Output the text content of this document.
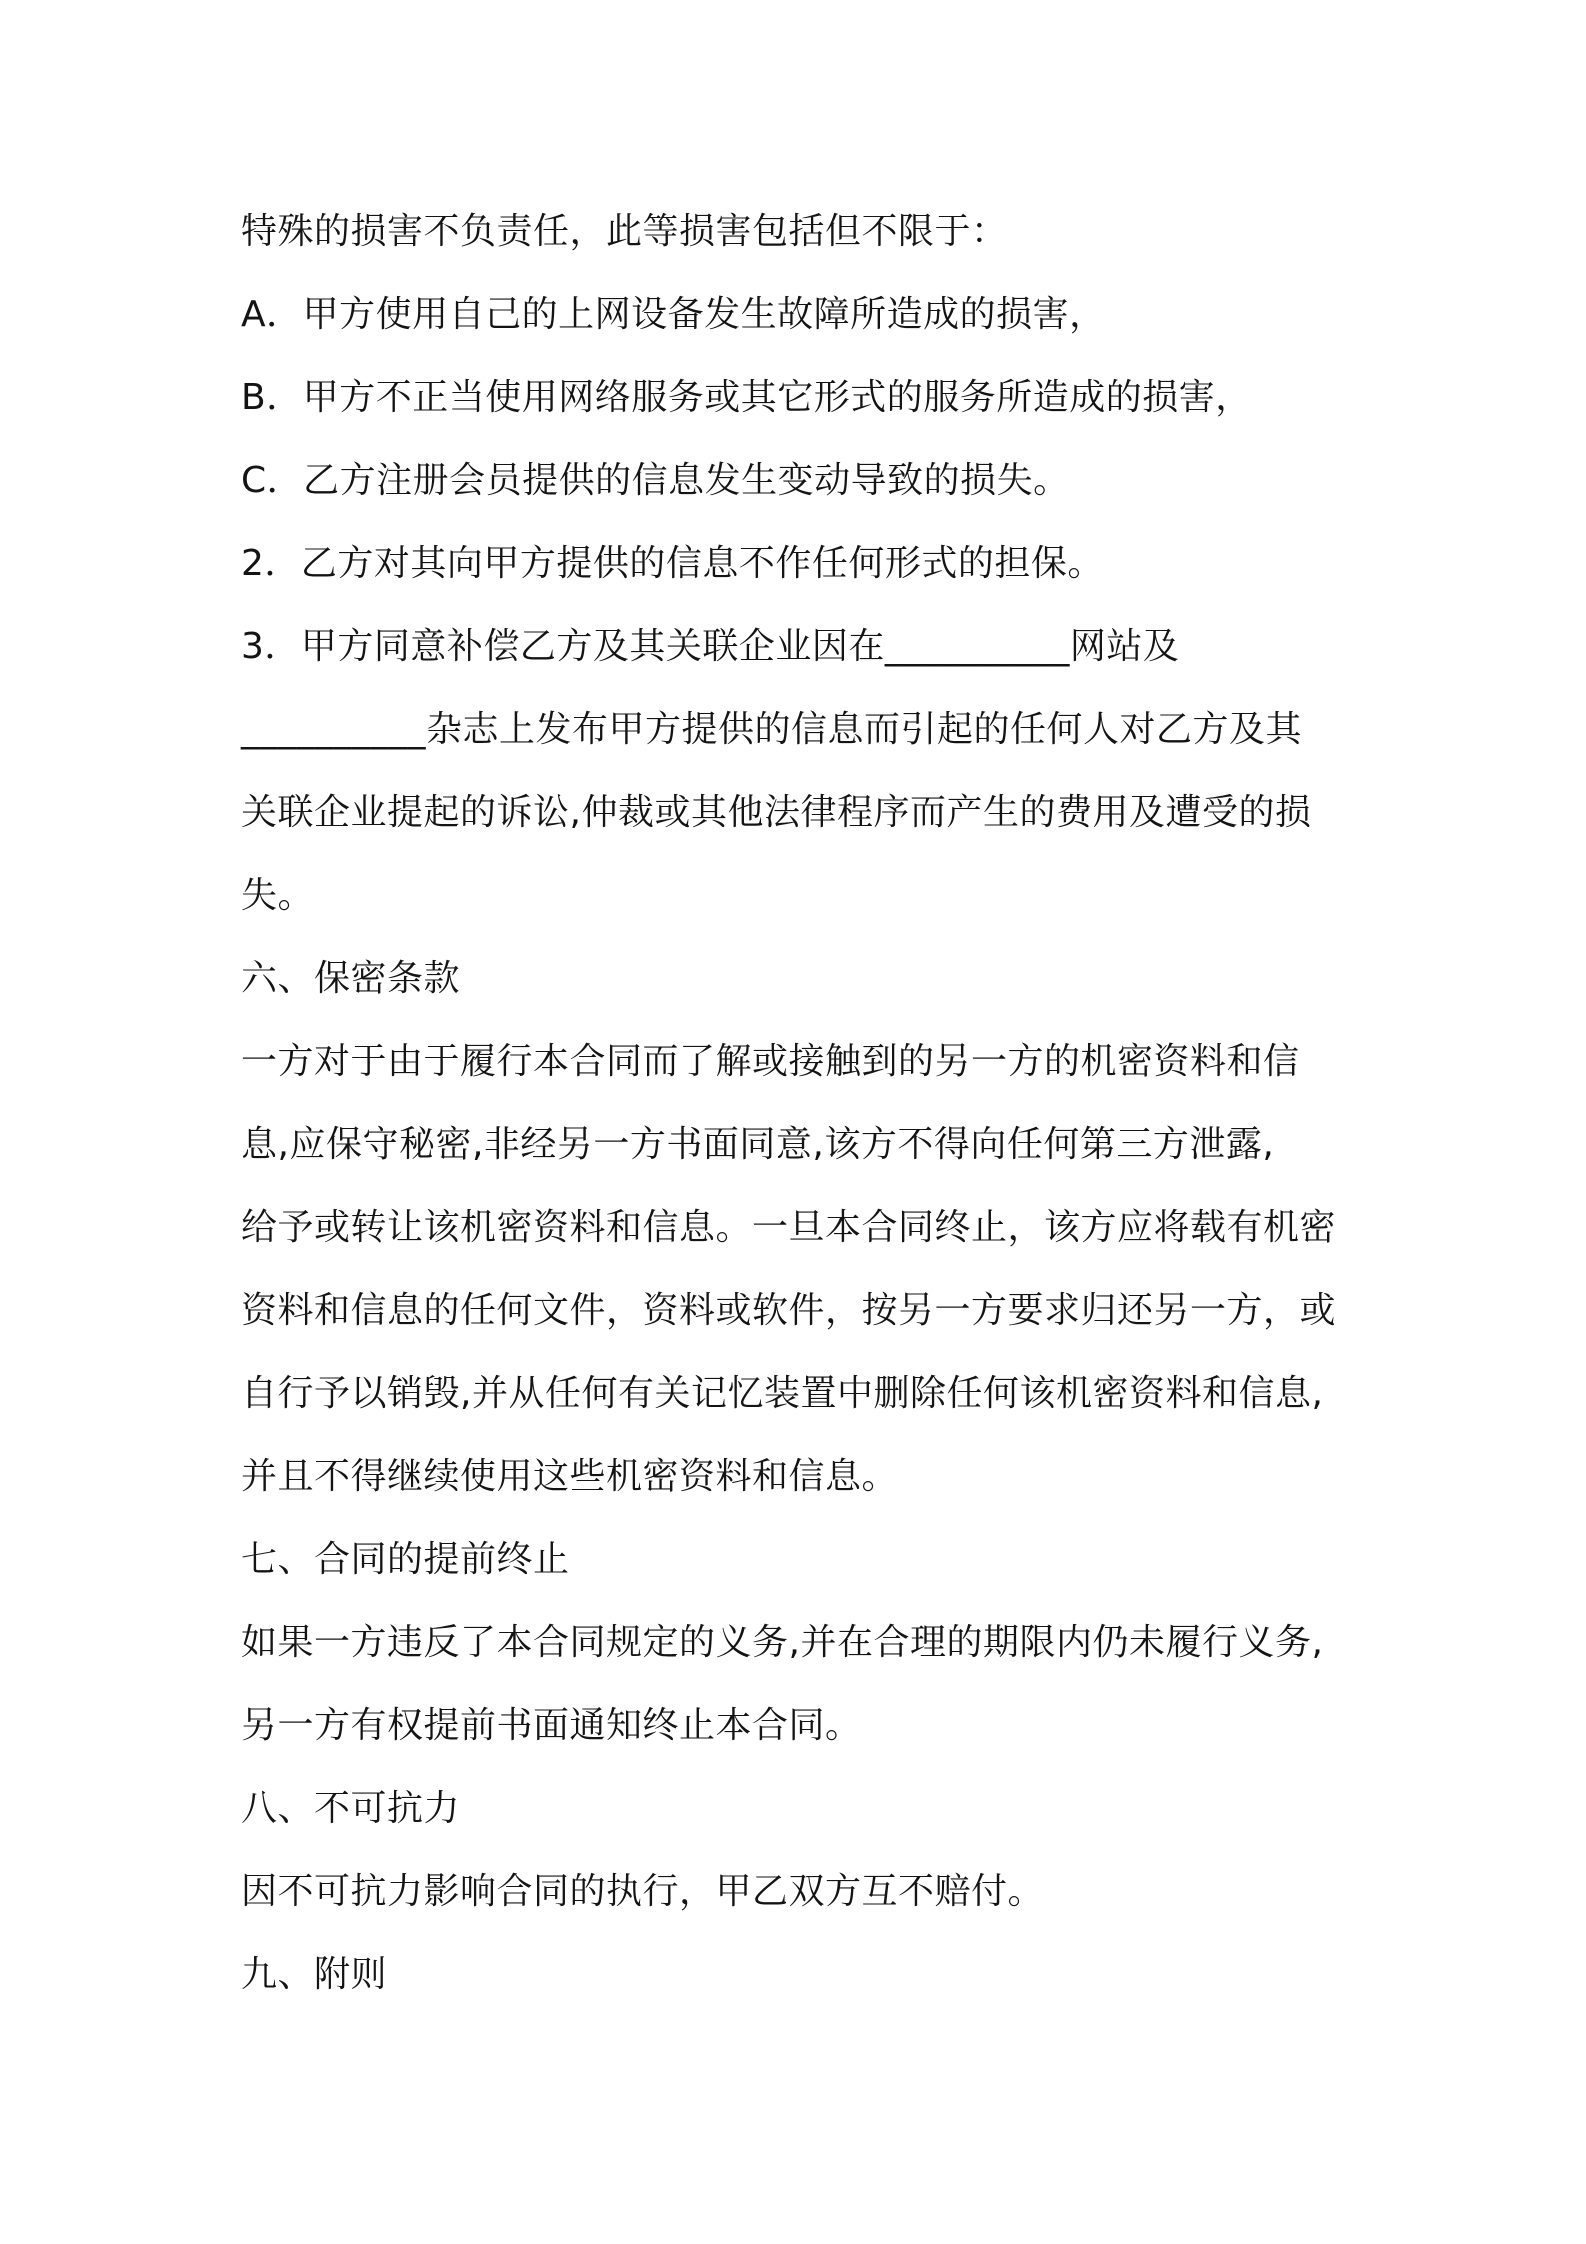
特殊的损害不负责任，此等损害包括但不限于：

A．甲方使用自己的上网设备发生故障所造成的损害，

B．甲方不正当使用网络服务或其它形式的服务所造成的损害，

C．乙方注册会员提供的信息发生变动导致的损失。

2．乙方对其向甲方提供的信息不作任何形式的担保。

3．甲方同意补偿乙方及其关联企业因在__________网站及

__________杂志上发布甲方提供的信息而引起的任何人对乙方及其

关联企业提起的诉讼,仲裁或其他法律程序而产生的费用及遭受的损

失。

六、保密条款

一方对于由于履行本合同而了解或接触到的另一方的机密资料和信

息,应保守秘密,非经另一方书面同意,该方不得向任何第三方泄露,

给予或转让该机密资料和信息。一旦本合同终止，该方应将载有机密

资料和信息的任何文件，资料或软件，按另一方要求归还另一方，或

自行予以销毁,并从任何有关记忆装置中删除任何该机密资料和信息,

并且不得继续使用这些机密资料和信息。

七、合同的提前终止

如果一方违反了本合同规定的义务,并在合理的期限内仍未履行义务,

另一方有权提前书面通知终止本合同。

八、不可抗力

因不可抗力影响合同的执行，甲乙双方互不赔付。

九、附则
